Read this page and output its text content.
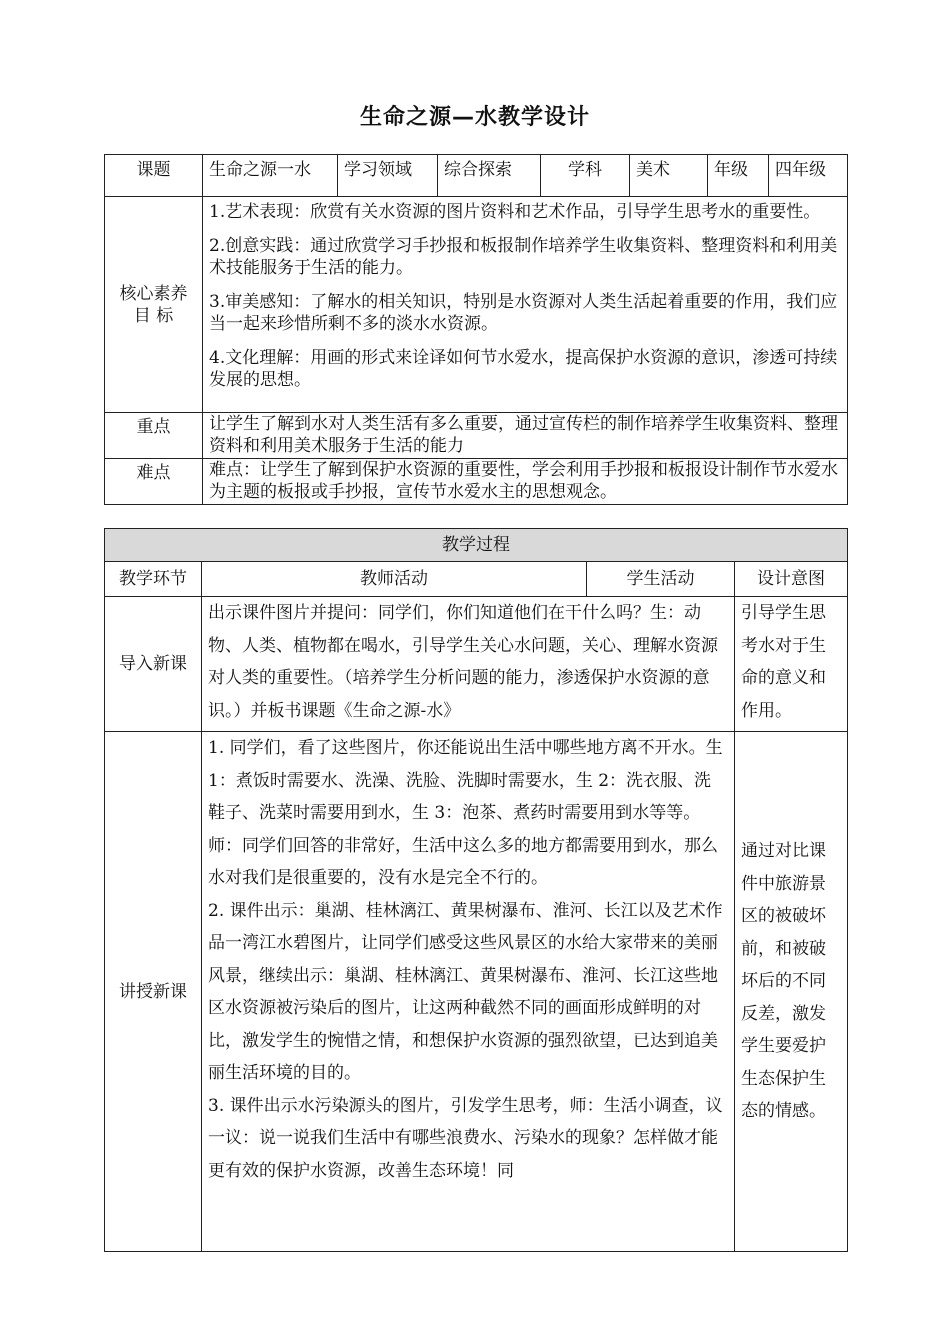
生命之源—水教学设计
课题	生命之源一水	学习领域	综合探索	学科	美术	年级	四年级
核心素养目 标	1.艺术表现：欣赏有关水资源的图片资料和艺术作品，引导学生思考水的重要性。

2.创意实践：通过欣赏学习手抄报和板报制作培养学生收集资料、整理资料和利用美术技能服务于生活的能力。

3.审美感知：了解水的相关知识，特别是水资源对人类生活起着重要的作用，我们应当一起来珍惜所剩不多的淡水水资源。

4.文化理解：用画的形式来诠译如何节水爱水，提高保护水资源的意识，渗透可持续发展的思想。						

重点	让学生了解到水对人类生活有多么重要，通过宣传栏的制作培养学生收集资料、整理资料和利用美术服务于生活的能力						
难点	难点：让学生了解到保护水资源的重要性，学会利用手抄报和板报设计制作节水爱水为主题的板报或手抄报，宣传节水爱水主的思想观念。						
教学过程			
教学环节	教师活动	学生活动	设计意图
导入新课	出示课件图片并提问：同学们，你们知道他们在干什么吗？生：动物、人类、植物都在喝水，引导学生关心水问题，关心、理解水资源对人类的重要性。（培养学生分析问题的能力，渗透保护水资源的意识。）并板书课题《生命之源-水》		引导学生思考水对于生命的意义和作用。
讲授新课	1. 同学们，看了这些图片，你还能说出生活中哪些地方离不开水。生 1：煮饭时需要水、洗澡、洗脸、洗脚时需要水，生 2：洗衣服、洗鞋子、洗菜时需要用到水，生 3：泡茶、煮药时需要用到水等等。师：同学们回答的非常好，生活中这么多的地方都需要用到水，那么水对我们是很重要的，没有水是完全不行的。

2. 课件出示：巢湖、桂林漓江、黄果树瀑布、淮河、长江以及艺术作品一湾江水碧图片，让同学们感受这些风景区的水给大家带来的美丽风景，继续出示：巢湖、桂林漓江、黄果树瀑布、淮河、长江这些地区水资源被污染后的图片，让这两种截然不同的画面形成鲜明的对比，激发学生的惋惜之情，和想保护水资源的强烈欲望，已达到追美丽生活环境的目的。

3. 课件出示水污染源头的图片，引发学生思考，师：生活小调查，议一议：说一说我们生活中有哪些浪费水、污染水的现象？怎样做才能更有效的保护水资源，改善生态环境！同		通过对比课件中旅游景区的被破坏前，和被破坏后的不同反差，激发学生要爱护生态保护生态的情感。
